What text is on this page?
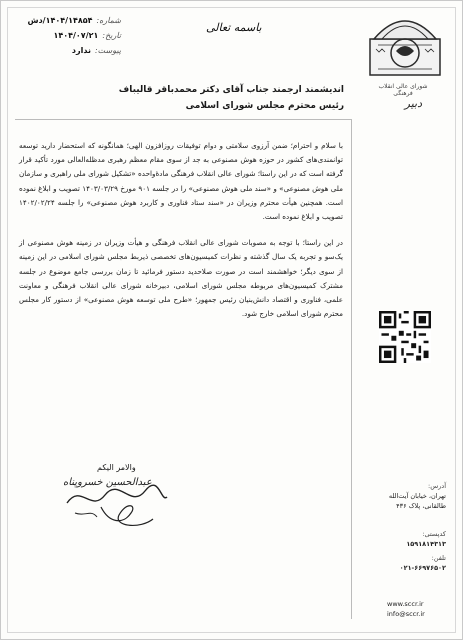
شماره:
۱۴۰۴/۱۴۸۵۴/دش
تاریخ:
۱۴۰۴/۰۷/۲۱
پیوست:
ندارد
باسمه تعالی
شورای عالی انقلاب فرهنگی
دبیر
اندیشمند ارجمند جناب آقای دکتر محمدباقر قالیباف
رئیس محترم مجلس شورای اسلامی

با سلام و احترام؛ ضمن آرزوی سلامتی و دوام توفیقات روزافزون الهی؛ همانگونه که استحضار دارید توسعه توانمندی‌های کشور در حوزه هوش مصنوعی به جد از سوی مقام معظم رهبری مدظله‌العالی مورد تأکید قرار گرفته است که در این راستا؛ شورای عالی انقلاب فرهنگی مادۀواحده «تشکیل شورای ملی راهبری و سازمان ملی هوش مصنوعی» و «سند ملی هوش مصنوعی» را در جلسه ۹۰۱ مورخ ۱۴۰۳/۰۳/۲۹ تصویب و ابلاغ نموده است. همچنین هیأت محترم وزیران در «سند ستاد فناوری و کاربرد هوش مصنوعی» را جلسه ۱۴۰۲/۰۲/۲۴ تصویب و ابلاغ نموده است.

در این راستا؛ با توجه به مصوبات شورای عالی انقلاب فرهنگی و هیأت وزیران در زمینه هوش مصنوعی از یک‌سو و تجربه یک سال گذشته و نظرات کمیسیون‌های تخصصی ذیربط مجلس شورای اسلامی در این زمینه از سوی دیگر؛ خواهشمند است در صورت صلاحدید دستور فرمائید تا زمان بررسی جامع موضوع در جلسه مشترک کمیسیون‌های مربوطه مجلس شورای اسلامی، دبیرخانه شورای عالی انقلاب فرهنگی و معاونت علمی، فناوری و اقتصاد دانش‌بنیان رئیس جمهور؛ «طرح ملی توسعه هوش مصنوعی» از دستور کار مجلس محترم شورای اسلامی خارج شود.

والامر الیکم
عبدالحسین خسروپناه	آدرس:
تهران، خیابان آیت‌الله
طالقانی، پلاک ۴۳۶
کدپستی:
۱۵۹۱۸۱۴۳۱۳
تلفن:
۰۲۱-۶۶۹۷۶۵۰۲
www.sccr.ir
info@sccr.ir
